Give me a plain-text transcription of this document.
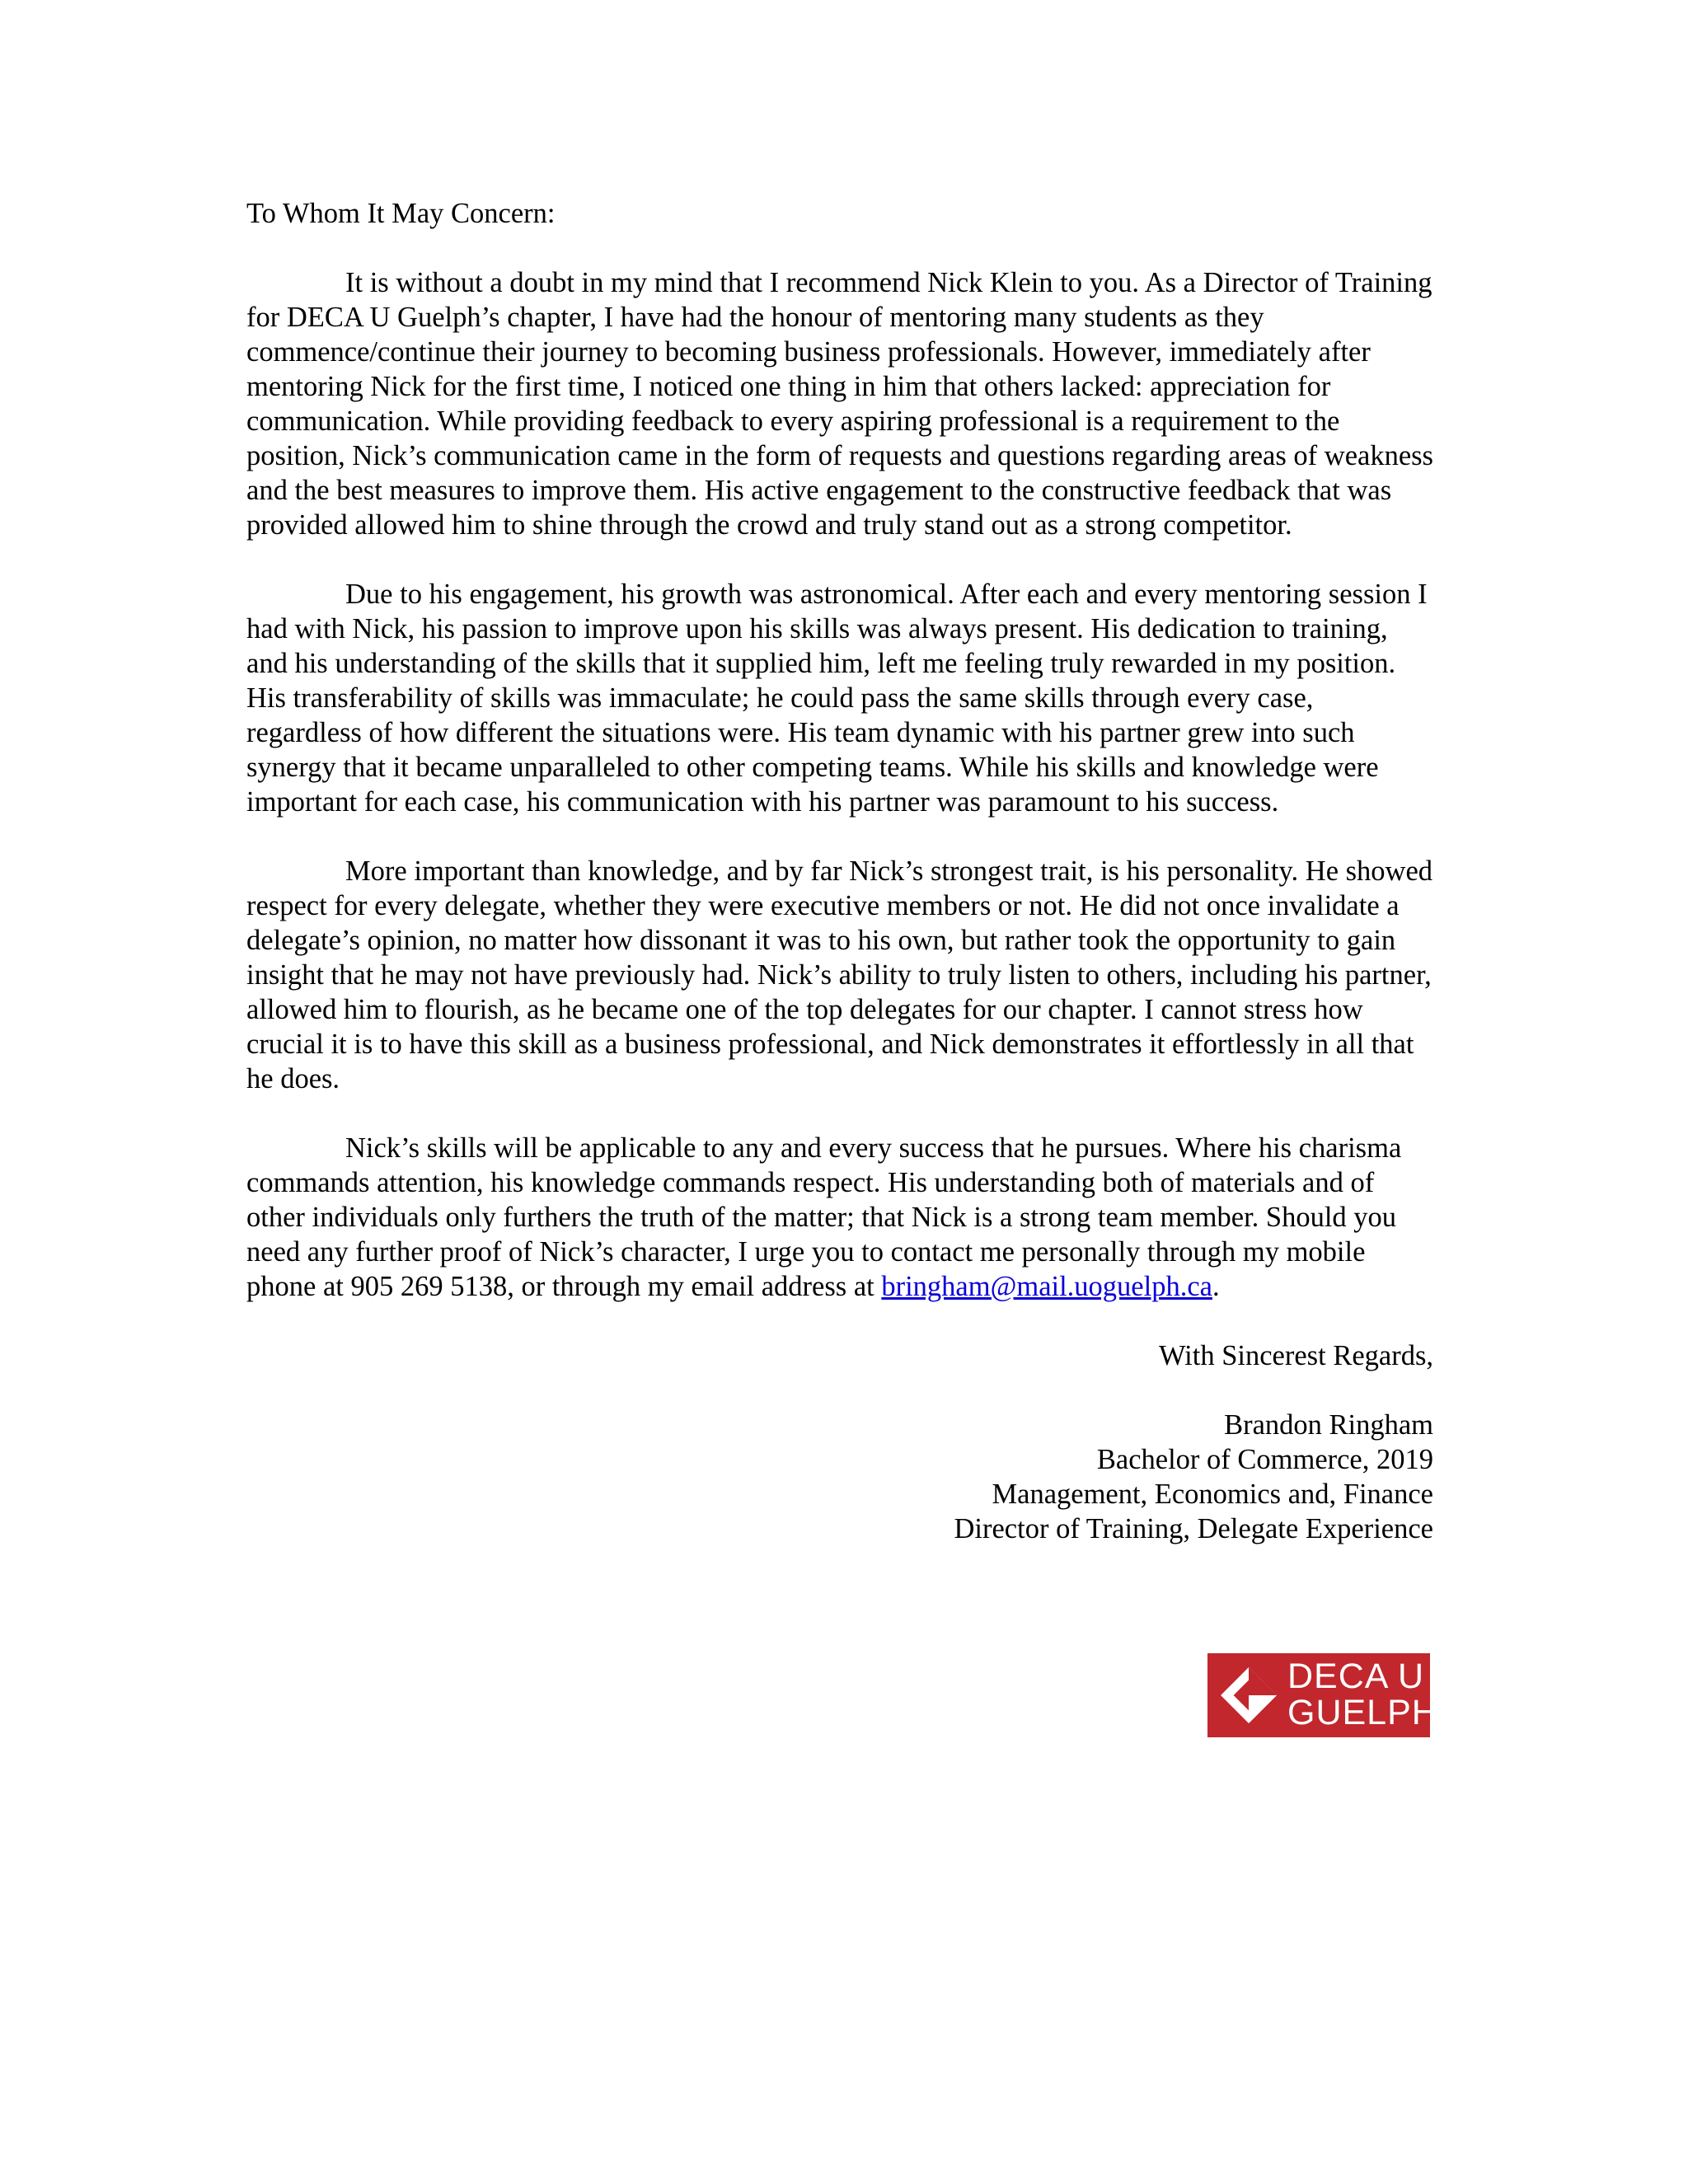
To Whom It May Concern:

It is without a doubt in my mind that I recommend Nick Klein to you. As a Director of Training for DECA U Guelph’s chapter, I have had the honour of mentoring many students as they commence/continue their journey to becoming business professionals. However, immediately after mentoring Nick for the first time, I noticed one thing in him that others lacked: appreciation for communication. While providing feedback to every aspiring professional is a requirement to the position, Nick’s communication came in the form of requests and questions regarding areas of weakness and the best measures to improve them. His active engagement to the constructive feedback that was provided allowed him to shine through the crowd and truly stand out as a strong competitor.

Due to his engagement, his growth was astronomical. After each and every mentoring session I had with Nick, his passion to improve upon his skills was always present. His dedication to training, and his understanding of the skills that it supplied him, left me feeling truly rewarded in my position. His transferability of skills was immaculate; he could pass the same skills through every case, regardless of how different the situations were. His team dynamic with his partner grew into such synergy that it became unparalleled to other competing teams. While his skills and knowledge were important for each case, his communication with his partner was paramount to his success.

More important than knowledge, and by far Nick’s strongest trait, is his personality. He showed respect for every delegate, whether they were executive members or not. He did not once invalidate a delegate’s opinion, no matter how dissonant it was to his own, but rather took the opportunity to gain insight that he may not have previously had. Nick’s ability to truly listen to others, including his partner, allowed him to flourish, as he became one of the top delegates for our chapter. I cannot stress how crucial it is to have this skill as a business professional, and Nick demonstrates it effortlessly in all that he does.

Nick’s skills will be applicable to any and every success that he pursues. Where his charisma commands attention, his knowledge commands respect. His understanding both of materials and of other individuals only furthers the truth of the matter; that Nick is a strong team member. Should you need any further proof of Nick’s character, I urge you to contact me personally through my mobile phone at 905 269 5138, or through my email address at bringham@mail.uoguelph.ca.

With Sincerest Regards,

Brandon Ringham
Bachelor of Commerce, 2019
Management, Economics and, Finance
Director of Training, Delegate Experience
DECA U
GUELPH
